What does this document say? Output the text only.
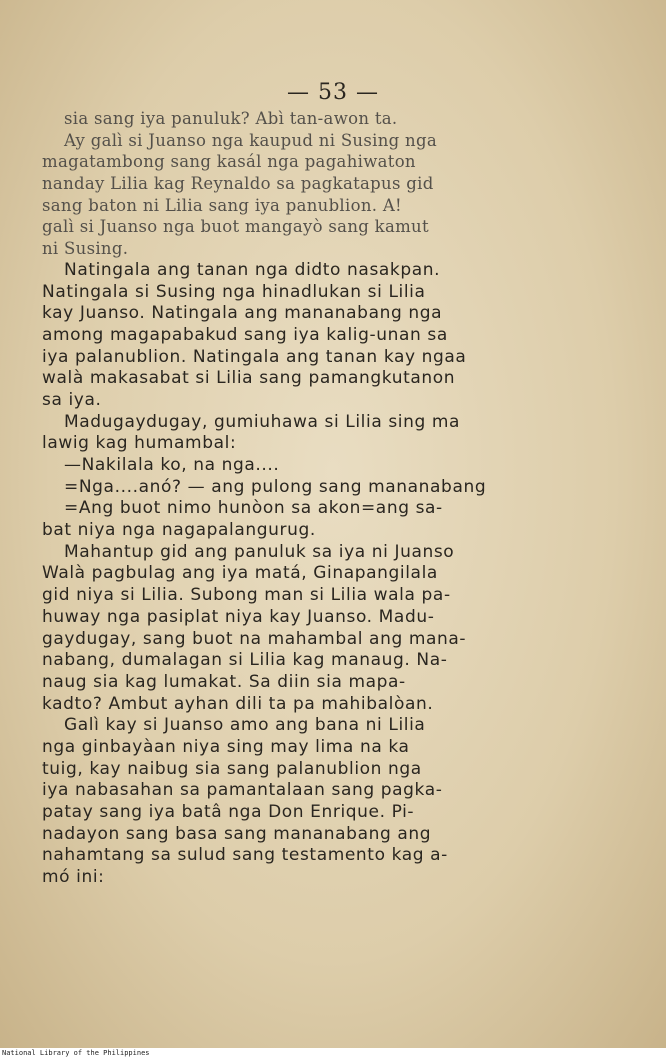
— 53 —
sia sang iya panuluk? Abì tan-awon ta.
Ay galì si Juanso nga kaupud ni Susing nga
magatambong sang kasál nga pagahiwaton
nanday Lilia kag Reynaldo sa pagkatapus gid
sang baton ni Lilia sang iya panublion. A!
galì si Juanso nga buot mangayò sang kamut
ni Susing.
Natingala ang tanan nga didto nasakpan.
Natingala si Susing nga hinadlukan si Lilia
kay Juanso. Natingala ang mananabang nga
among magapabakud sang iya kalig-unan sa
iya palanublion. Natingala ang tanan kay ngaa
walà makasabat si Lilia sang pamangkutanon
sa iya.
Madugaydugay, gumiuhawa si Lilia sing ma
lawig kag humambal:
—Nakilala ko, na nga....
=Nga....anó? — ang pulong sang mananabang
=Ang buot nimo hunòon sa akon=ang sa-
bat niya nga nagapalangurug.
Mahantup gid ang panuluk sa iya ni Juanso
Walà pagbulag ang iya matá, Ginapangilala
gid niya si Lilia. Subong man si Lilia wala pa-
huway nga pasiplat niya kay Juanso. Madu-
gaydugay, sang buot na mahambal ang mana-
nabang, dumalagan si Lilia kag manaug. Na-
naug sia kag lumakat. Sa diin sia mapa-
kadto? Ambut ayhan dili ta pa mahibalòan.
Galì kay si Juanso amo ang bana ni Lilia
nga ginbayàan niya sing may lima na ka
tuig, kay naibug sia sang palanublion nga
iya nabasahan sa pamantalaan sang pagka-
patay sang iya batâ nga Don Enrique. Pi-
nadayon sang basa sang mananabang ang
nahamtang sa sulud sang testamento kag a-
mó ini:
National Library of the Philippines
